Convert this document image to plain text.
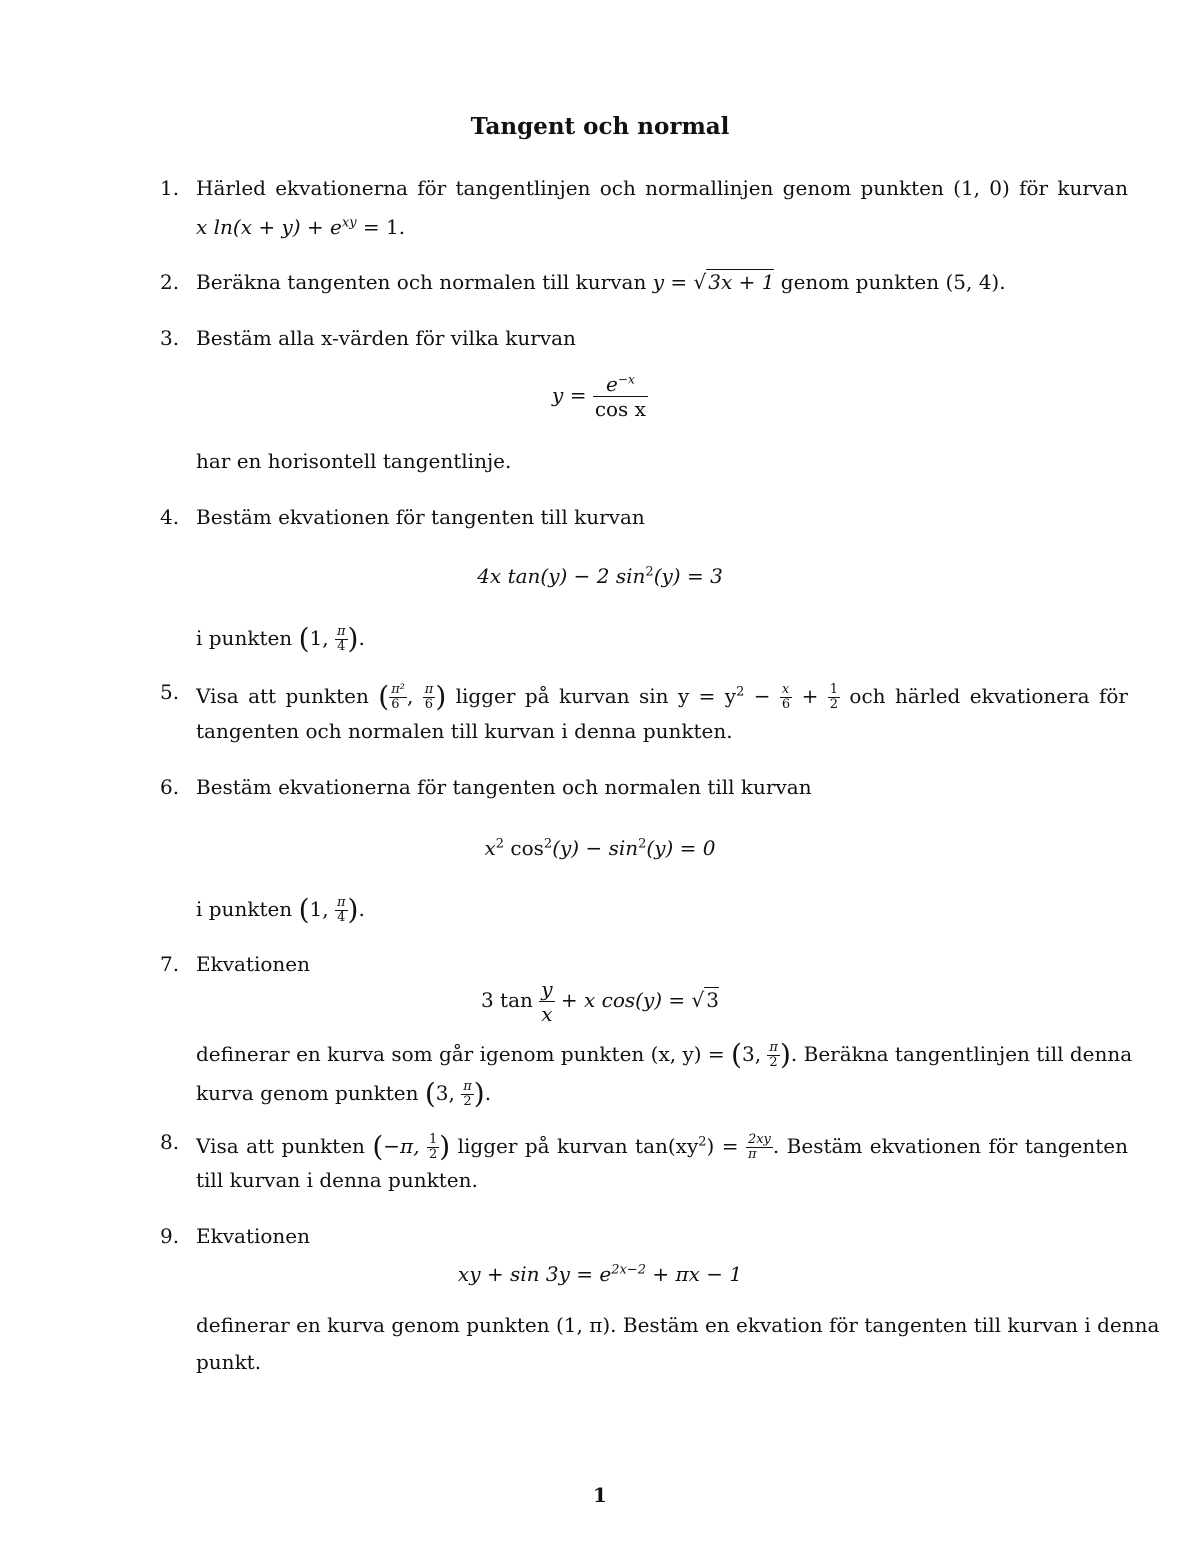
Tangent och normal
1. Härled ekvationerna för tangentlinjen och normallinjen genom punkten (1, 0) för kurvan
x $\ln(x + y) + e^{xy} = 1$.
2. Beräkna tangenten och normalen till kurvan y = √ 3x + 1 genom punkten (5, 4).
3. Bestäm alla x-värden för vilka kurvan
$y = \frac{e^{-x}}{\text{cos x}}$
har en horisontell tangentlinje.
4. Bestäm ekvationen för tangenten till kurvan
4x tan(y) − 2 $\sin^2(y) = 3$
i punkten (1, $\frac{\pi}{4}$ ).
5. Visa att punkten ( $\frac{\text{π²}}{6}$ , $\frac{\pi}{6}$ ) ligger på kurvan $\sin y = y^2 - \frac{x}{6} + \frac{1}{2}$ och härled ekvationera för
tangenten och normalen till kurvan i denna punkten.
6. Bestäm ekvationerna för tangenten och normalen till kurvan
$x^2$ $\cos^2(y) - \sin^2(y) = 0$
i punkten (1, $\frac{\pi}{4}$ ).
7. Ekvationen
3 $\tan \frac{y}{x} + x$ cos(y) = √ 3
definerar en kurva som går igenom punkten (x, y) = (3, $\frac{\pi}{2}$ ). Beräkna tangentlinjen till denna
kurva genom punkten (3, $\frac{\pi}{2}$ ).
8. Visa att punkten (−π, $\frac{1}{2}$ ) ligger på kurvan $\tan(xy^2) = \frac{2xy}{\pi}$ . Bestäm ekvationen för tangenten
till kurvan i denna punkten.
9. Ekvationen
xy + $\sin 3y = e^{2x-2} + \pi x - 1$
definerar en kurva genom punkten (1, π). Bestäm en ekvation för tangenten till kurvan i denna
punkt.
1
